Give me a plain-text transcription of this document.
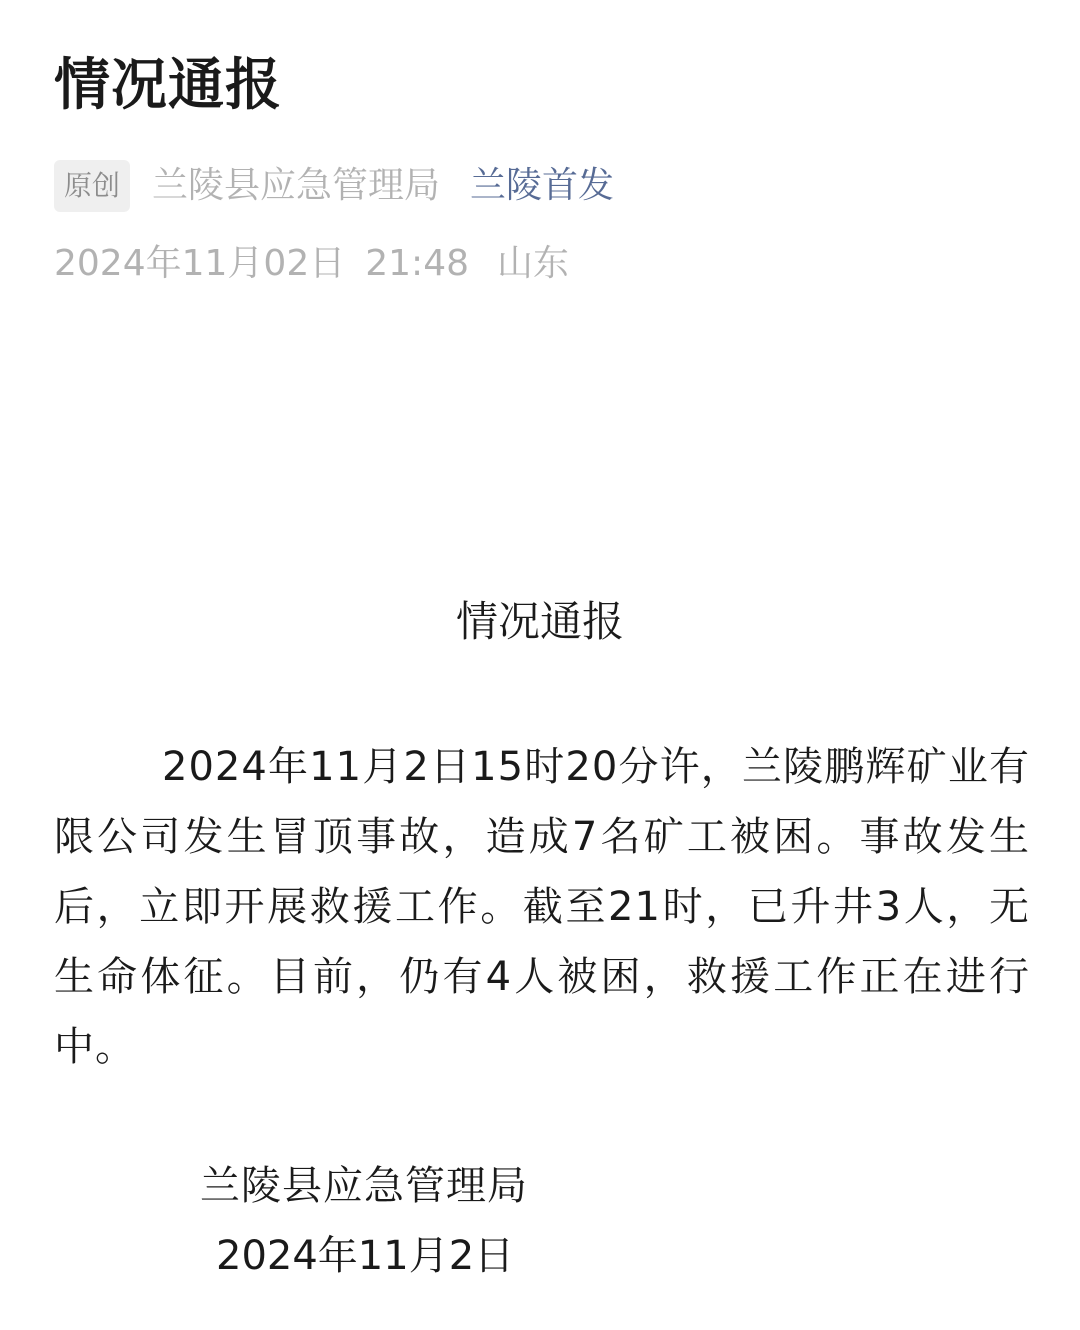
情况通报
原创 兰陵县应急管理局 兰陵首发
2024年11月02日 21:48 山东
情况通报

2024年11月2日15时20分许，兰陵鹏辉矿业有限公司发生冒顶事故，造成7名矿工被困。事故发生后，立即开展救援工作。截至21时，已升井3人，无生命体征。目前，仍有4人被困，救援工作正在进行中。

兰陵县应急管理局
2024年11月2日
